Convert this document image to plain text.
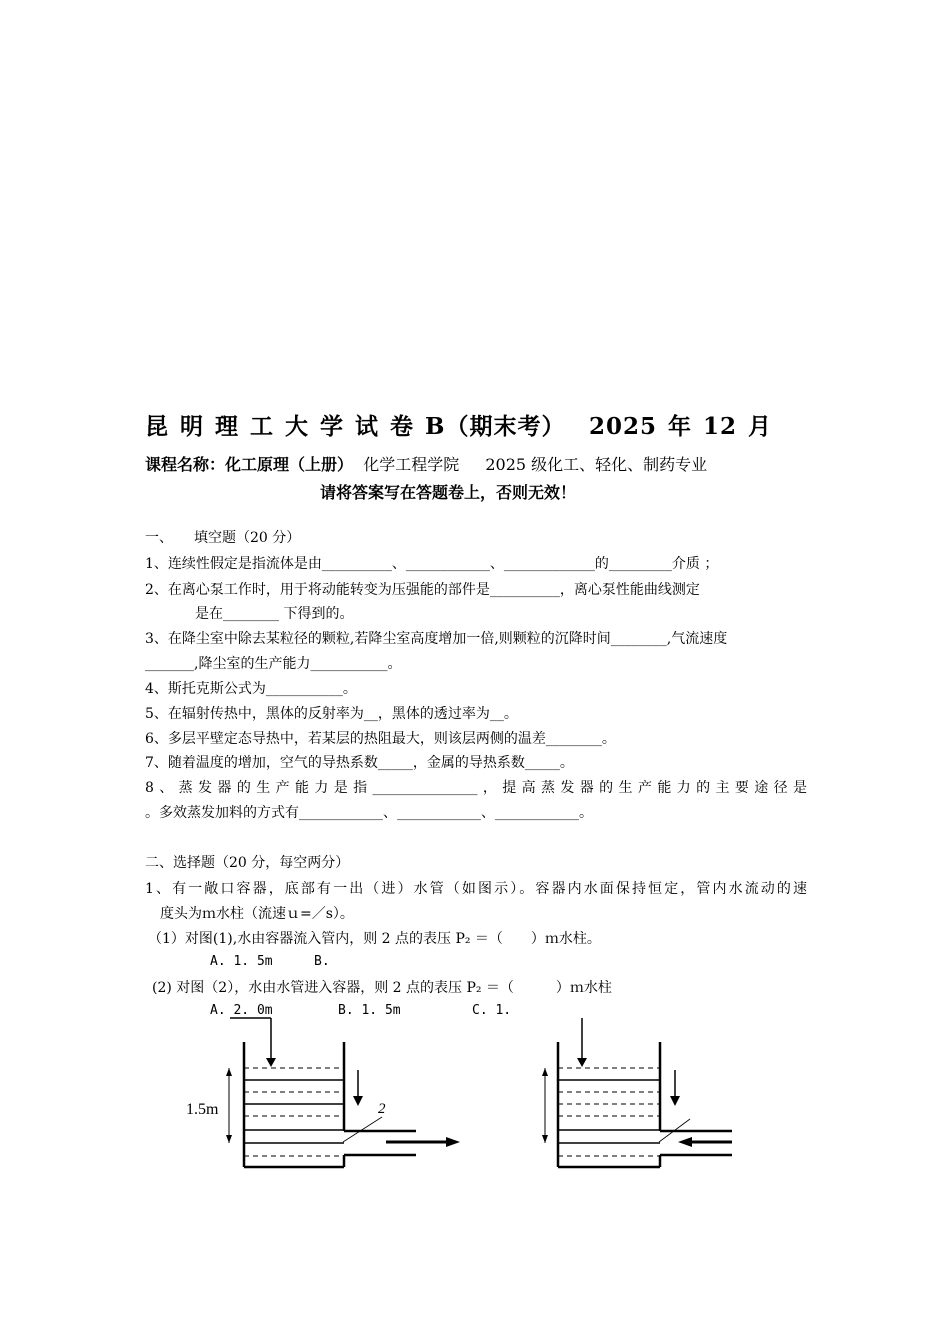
昆 明 理 工 大 学 试 卷 B（期末考）　 2025 年 12 月
课程名称：化工原理（上册）  化学工程学院　  2025 级化工、轻化、制药专业
请将答案写在答题卷上，否则无效！
一、　　填空题（20 分）
1、连续性假定是指流体是由__________、____________、_____________的_________介质 ；
2、在离心泵工作时，用于将动能转变为压强能的部件是__________，离心泵性能曲线测定
是在________ 下得到的。
3、在降尘室中除去某粒径的颗粒,若降尘室高度增加一倍,则颗粒的沉降时间________,气流速度
_______,降尘室的生产能力___________。
4、斯托克斯公式为___________。
5、在辐射传热中，黑体的反射率为__，黑体的透过率为__。
6、多层平壁定态导热中，若某层的热阻最大，则该层两侧的温差________。
7、随着温度的增加，空气的导热系数_____，金属的导热系数_____。
8、蒸发器的生产能力是指_______________，提高蒸发器的生产能力的主要途径是
。多效蒸发加料的方式有____________、____________、____________。
二、选择题（20 分，每空两分）
1、有一敞口容器，底部有一出（进）水管（如图示）。容器内水面保持恒定，管内水流动的速
度头为ｍ水柱（流速ｕ=／s）。
（1）对图(1),水由容器流入管内，则 2 点的表压 P₂ ＝（　　）ｍ水柱。
A. 1. 5m	B.
(2) 对图（2），水由水管进入容器，则 2 点的表压 P₂ ＝（　　　）ｍ水柱
A. 2. 0m	B. 1. 5m	C. 1.
1.5m	2
